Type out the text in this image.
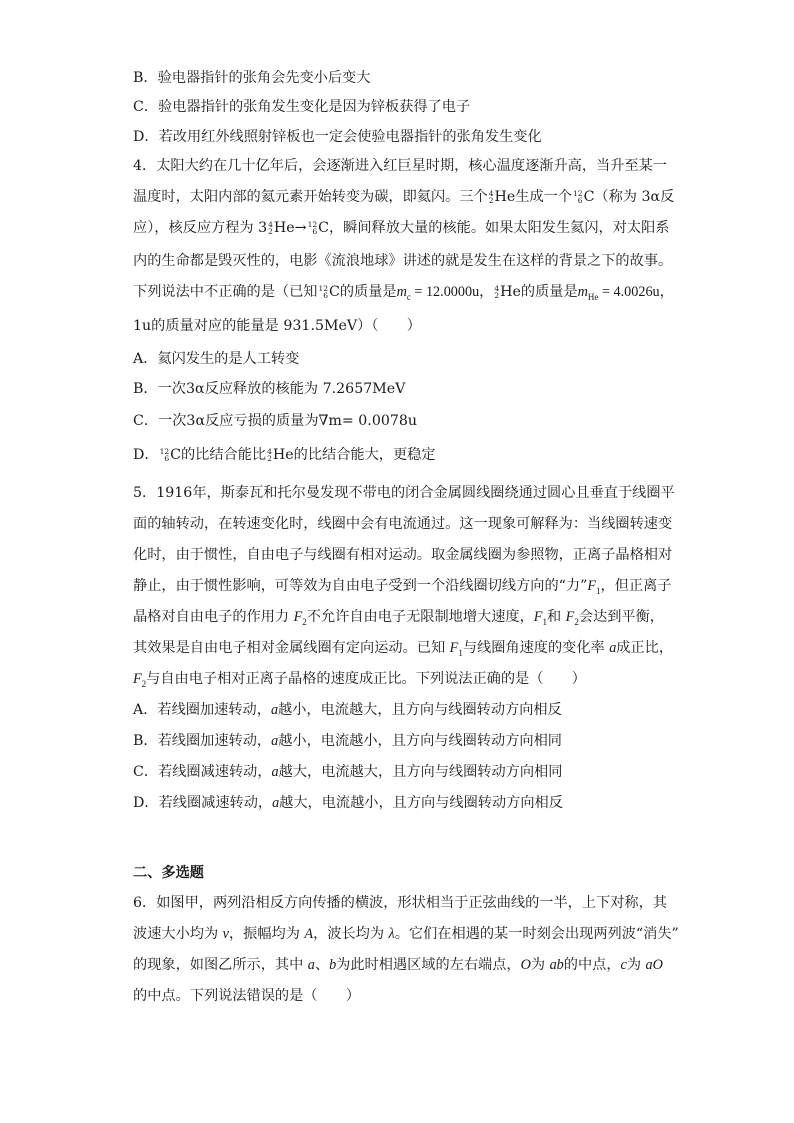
B．验电器指针的张角会先变小后变大
C．验电器指针的张角发生变化是因为锌板获得了电子
D．若改用红外线照射锌板也一定会使验电器指针的张角发生变化
4．太阳大约在几十亿年后，会逐渐进入红巨星时期，核心温度逐渐升高，当升至某一
温度时，太阳内部的氦元素开始转变为碳，即氦闪。三个 4
2 He生成一个 12
6 C（称为 3α反
应），核反应方程为 3 4
2 He→ 12
6 C，瞬间释放大量的核能。如果太阳发生氦闪，对太阳系
内的生命都是毁灭性的，电影《流浪地球》讲述的就是发生在这样的背景之下的故事。
下列说法中不正确的是（已知 12
6 C的质量是$m_c = 12.0000u$， 4
2 He的质量是$m_{He} = 4.0026u$，
1u的质量对应的能量是 931.5MeV）（　　）
A．氦闪发生的是人工转变
B．一次3α反应释放的核能为 7.2657MeV
C．一次3α反应亏损的质量为∇m= 0.0078u
D． 12
6 C的比结合能比 4
2 He的比结合能大，更稳定
5．1916年，斯泰瓦和托尔曼发现不带电的闭合金属圆线圈绕通过圆心且垂直于线圈平
面的轴转动，在转速变化时，线圈中会有电流通过。这一现象可解释为：当线圈转速变
化时，由于惯性，自由电子与线圈有相对运动。取金属线圈为参照物，正离子晶格相对
静止，由于惯性影响，可等效为自由电子受到一个沿线圈切线方向的“力$”F_1$，但正离子
晶格对自由电子的作用力 $F_2$不允许自由电子无限制地增大速度，$F_1$和 $F_2$会达到平衡，
其效果是自由电子相对金属线圈有定向运动。已知 $F_1$与线圈角速度的变化率 a成正比，
$F_2$与自由电子相对正离子晶格的速度成正比。下列说法正确的是（　　）
A．若线圈加速转动，a越小，电流越大，且方向与线圈转动方向相反
B．若线圈加速转动，a越小，电流越小，且方向与线圈转动方向相同
C．若线圈减速转动，a越大，电流越大，且方向与线圈转动方向相同
D．若线圈减速转动，a越大，电流越小，且方向与线圈转动方向相反
二、多选题
6．如图甲，两列沿相反方向传播的横波，形状相当于正弦曲线的一半，上下对称，其
波速大小均为 v，振幅均为 A，波长均为 λ。它们在相遇的某一时刻会出现两列波“消失”
的现象，如图乙所示，其中 a、b为此时相遇区域的左右端点，O为 ab的中点，c为 aO
的中点。下列说法错误的是（　　）
